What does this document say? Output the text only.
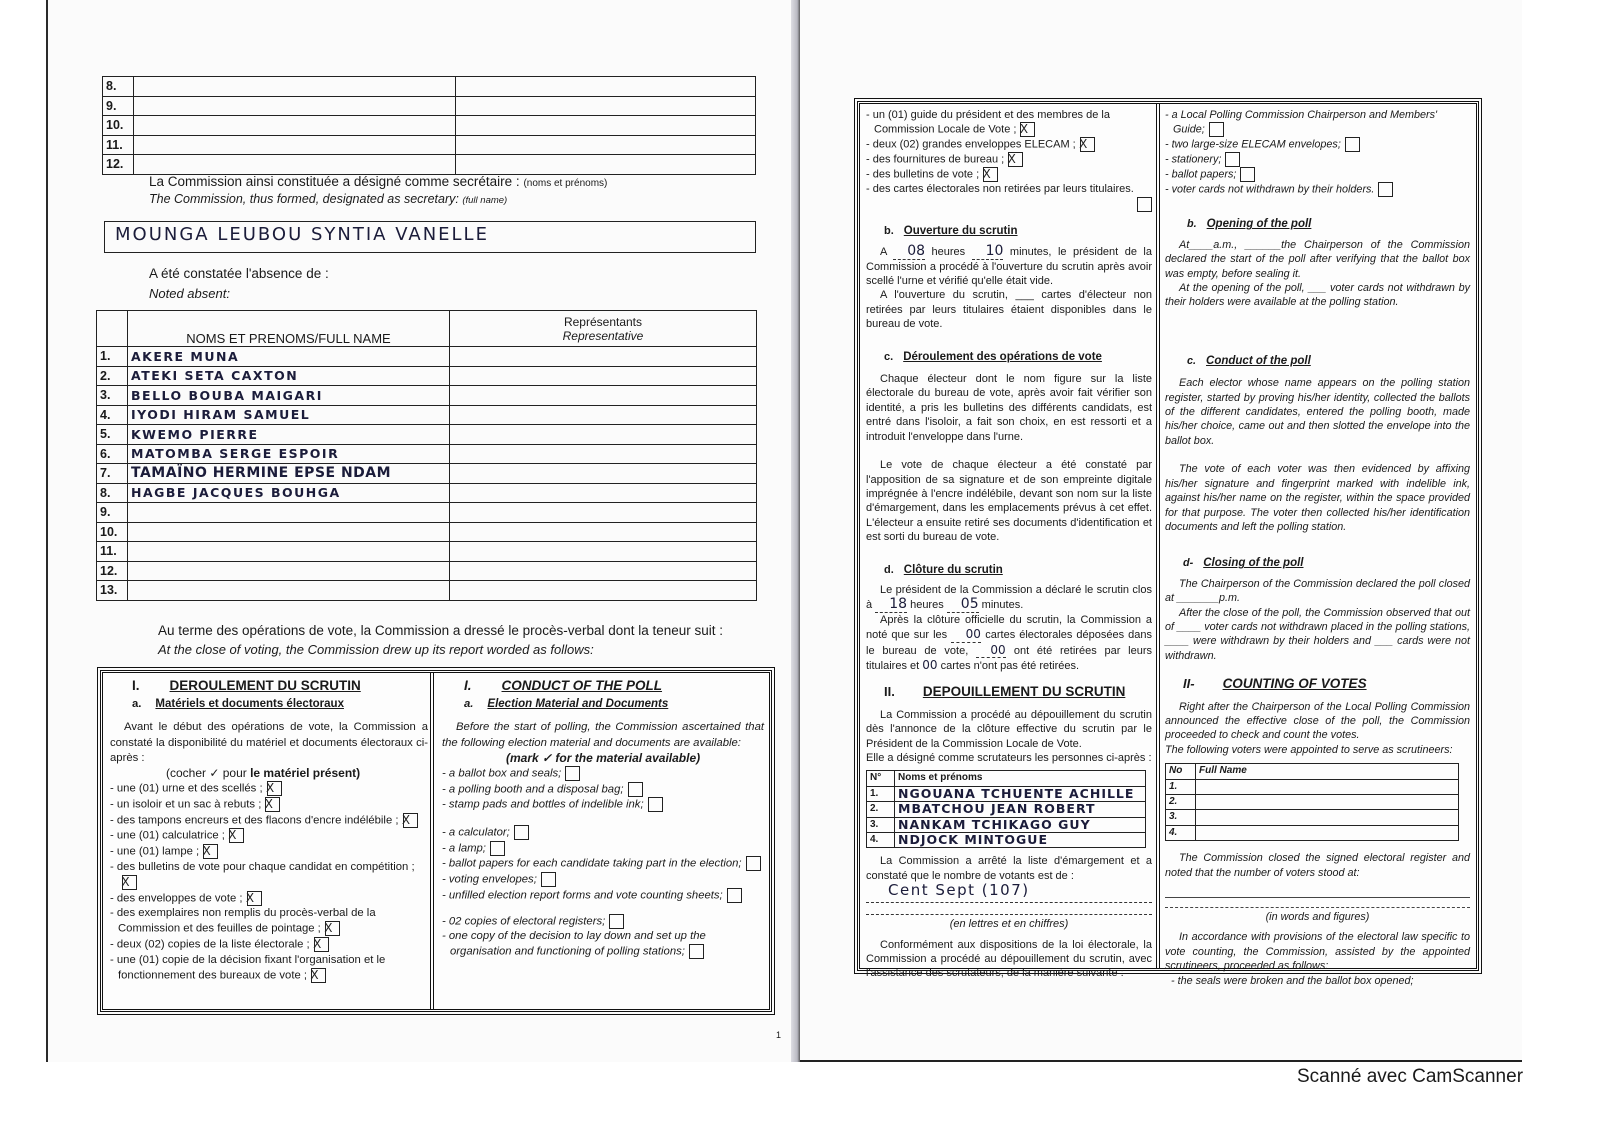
8.		
9.		
10.		
11.		
12.		
La Commission ainsi constituée a désigné comme secrétaire : (noms et prénoms)
The Commission, thus formed, designated as secretary: (full name)
MOUNGA LEUBOU SYNTIA VANELLE
A été constatée l'absence de :
Noted absent:
	NOMS ET PRENOMS/FULL NAME	Représentants
Representative

1.	AKERE MUNA	
2.	ATEKI SETA CAXTON	
3.	BELLO BOUBA MAIGARI	
4.	IYODI HIRAM SAMUEL	
5.	KWEMO PIERRE	
6.	MATOMBA SERGE ESPOIR	
7.	TAMAÏNO HERMINE EPSE NDAM	
8.	HAGBE JACQUES BOUHGA	
9.		
10.		
11.		
12.		
13.		
Au terme des opérations de vote, la Commission a dressé le procès-verbal dont la teneur suit :
At the close of voting, the Commission drew up its report worded as follows:
I. DEROULEMENT DU SCRUTIN
a. Matériels et documents électoraux
Avant le début des opérations de vote, la Commission a constaté la disponibilité du matériel et documents électoraux ci-après :
(cocher ✓ pour le matériel présent)
- une (01) urne et des scellés ; X
- un isoloir et un sac à rebuts ; X
- des tampons encreurs et des flacons d'encre indélébile ; X
- une (01) calculatrice ; X
- une (01) lampe ; X
- des bulletins de vote pour chaque candidat en compétition ;X
- des enveloppes de vote ; X
- des exemplaires non remplis du procès-verbal de la Commission et des feuilles de pointage ; X
- deux (02) copies de la liste électorale ; X
- une (01) copie de la décision fixant l'organisation et le fonctionnement des bureaux de vote ; X
I. CONDUCT OF THE POLL
a. Election Material and Documents
Before the start of polling, the Commission ascertained that the following election material and documents are available:
(mark ✓ for the material available)
- a ballot box and seals;
- a polling booth and a disposal bag;
- stamp pads and bottles of indelible ink;
- a calculator;
- a lamp;
- ballot papers for each candidate taking part in the election;
- voting envelopes;
- unfilled election report forms and vote counting sheets;
- 02 copies of electoral registers;
- one copy of the decision to lay down and set up the organisation and functioning of polling stations;
1
- un (01) guide du président et des membres de la Commission Locale de Vote ; X
- deux (02) grandes enveloppes ELECAM ; X
- des fournitures de bureau ; X
- des bulletins de vote ; X
- des cartes électorales non retirées par leurs titulaires.
b. Ouverture du scrutin
A 08 heures 10 minutes, le président de la Commission a procédé à l'ouverture du scrutin après avoir scellé l'urne et vérifié qu'elle était vide.
A l'ouverture du scrutin, ___ cartes d'électeur non retirées par leurs titulaires étaient disponibles dans le bureau de vote.
c. Déroulement des opérations de vote
Chaque électeur dont le nom figure sur la liste électorale du bureau de vote, après avoir fait vérifier son identité, a pris les bulletins des différents candidats, est entré dans l'isoloir, a fait son choix, en est ressorti et a introduit l'enveloppe dans l'urne.
Le vote de chaque électeur a été constaté par l'apposition de sa signature et de son empreinte digitale imprégnée à l'encre indélébile, devant son nom sur la liste d'émargement, dans les emplacements prévus à cet effet. L'électeur a ensuite retiré ses documents d'identification et est sorti du bureau de vote.
d. Clôture du scrutin
Le président de la Commission a déclaré le scrutin clos à 18 heures 05 minutes.
Après la clôture officielle du scrutin, la Commission a noté que sur les 00 cartes électorales déposées dans le bureau de vote, 00 ont été retirées par leurs titulaires et 00 cartes n'ont pas été retirées.
II. DEPOUILLEMENT DU SCRUTIN
La Commission a procédé au dépouillement du scrutin dès l'annonce de la clôture effective du scrutin par le Président de la Commission Locale de Vote.
Elle a désigné comme scrutateurs les personnes ci-après :
N°	Noms et prénoms
1.	NGOUANA TCHUENTE ACHILLE
2.	MBATCHOU JEAN ROBERT
3.	NANKAM TCHIKAGO GUY
4.	NDJOCK MINTOGUE
La Commission a arrêté la liste d'émargement et a constaté que le nombre de votants est de :
Cent Sept (107)
(en lettres et en chiffres)
Conformément aux dispositions de la loi électorale, la Commission a procédé au dépouillement du scrutin, avec l'assistance des scrutateurs, de la manière suivante :
- a Local Polling Commission Chairperson and Members' Guide;
- two large-size ELECAM envelopes;
- stationery;
- ballot papers;
- voter cards not withdrawn by their holders.
b. Opening of the poll
At____a.m., ______the Chairperson of the Commission declared the start of the poll after verifying that the ballot box was empty, before sealing it.
At the opening of the poll, ___ voter cards not withdrawn by their holders were available at the polling station.
c. Conduct of the poll
Each elector whose name appears on the polling station register, started by proving his/her identity, collected the ballots of the different candidates, entered the polling booth, made his/her choice, came out and then slotted the envelope into the ballot box.
The vote of each voter was then evidenced by affixing his/her signature and fingerprint marked with indelible ink, against his/her name on the register, within the space provided for that purpose. The voter then collected his/her identification documents and left the polling station.
d- Closing of the poll
The Chairperson of the Commission declared the poll closed at _______p.m.
After the close of the poll, the Commission observed that out of ____ voter cards not withdrawn placed in the polling stations, ____ were withdrawn by their holders and ___ cards were not withdrawn.
II- COUNTING OF VOTES
Right after the Chairperson of the Local Polling Commission announced the effective close of the poll, the Commission proceeded to check and count the votes.
The following voters were appointed to serve as scrutineers:
No	Full Name
1.	
2.	
3.	
4.	
The Commission closed the signed electoral register and noted that the number of voters stood at:
(in words and figures)
In accordance with provisions of the electoral law specific to vote counting, the Commission, assisted by the appointed scrutineers, proceeded as follows:
- the seals were broken and the ballot box opened;
Scanné avec CamScanner
